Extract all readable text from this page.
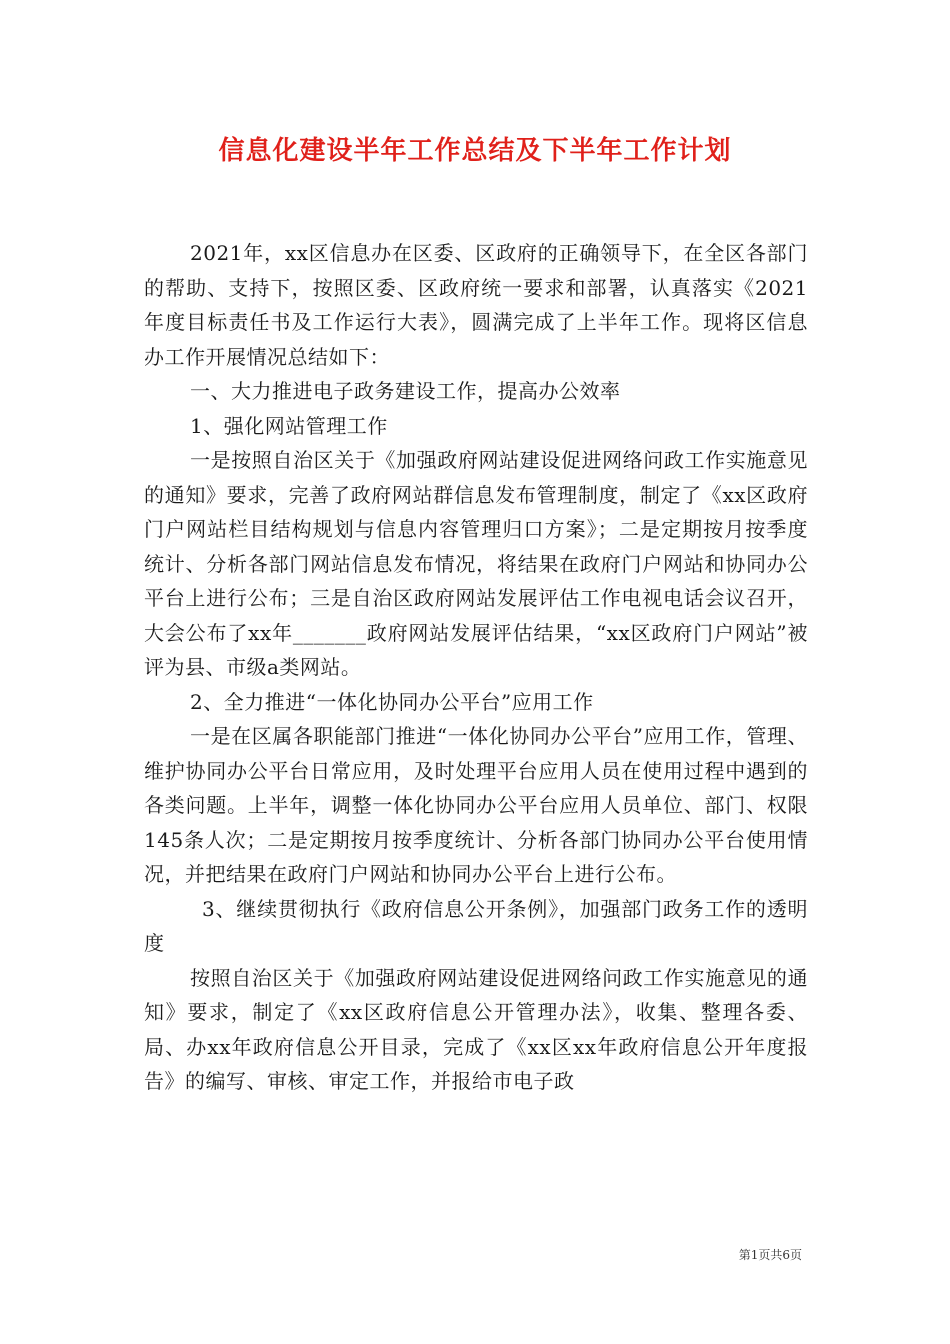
信息化建设半年工作总结及下半年工作计划

2021年，xx区信息办在区委、区政府的正确领导下，在全区各部门的帮助、支持下，按照区委、区政府统一要求和部署，认真落实《2021年度目标责任书及工作运行大表》，圆满完成了上半年工作。现将区信息办工作开展情况总结如下：

一、大力推进电子政务建设工作，提高办公效率

1、强化网站管理工作

一是按照自治区关于《加强政府网站建设促进网络问政工作实施意见的通知》要求，完善了政府网站群信息发布管理制度，制定了《xx区政府门户网站栏目结构规划与信息内容管理归口方案》；二是定期按月按季度统计、分析各部门网站信息发布情况，将结果在政府门户网站和协同办公平台上进行公布；三是自治区政府网站发展评估工作电视电话会议召开，大会公布了xx年_______政府网站发展评估结果，“xx区政府门户网站”被评为县、市级a类网站。

2、全力推进“一体化协同办公平台”应用工作

一是在区属各职能部门推进“一体化协同办公平台”应用工作，管理、维护协同办公平台日常应用，及时处理平台应用人员在使用过程中遇到的各类问题。上半年，调整一体化协同办公平台应用人员单位、部门、权限145条人次；二是定期按月按季度统计、分析各部门协同办公平台使用情况，并把结果在政府门户网站和协同办公平台上进行公布。

3、继续贯彻执行《政府信息公开条例》，加强部门政务工作的透明度

按照自治区关于《加强政府网站建设促进网络问政工作实施意见的通知》要求，制定了《xx区政府信息公开管理办法》，收集、整理各委、局、办xx年政府信息公开目录，完成了《xx区xx年政府信息公开年度报告》的编写、审核、审定工作，并报给市电子政

第1页共6页
